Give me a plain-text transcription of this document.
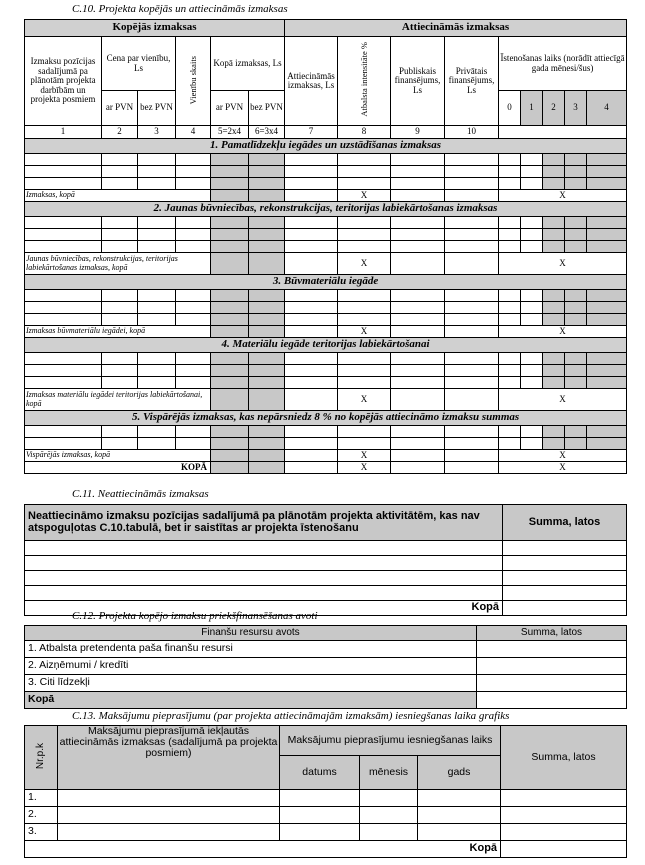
C.10. Projekta kopējās un attiecināmās izmaksas
Kopējās izmaksas						Attiecināmās izmaksas								
Izmaksu pozīcijas sadalījumā pa plānotām projekta darbībām un projekta posmiem	Cena par vienību, Ls		Vienību skaits	Kopā izmaksas, Ls		Attiecināmās izmaksas, Ls	Atbalsta intensitāte %	Publiskais finansējums, Ls	Privātais finansējums, Ls	Īstenošanas laiks (norādīt attiecīgā gada mēnesi/šus)				
	ar PVN	bez PVN		ar PVN	bez PVN					0	1	2	3	4
1	2	3	4	5=2x4	6=3x4	7	8	9	10					
1. Pamatlīdzekļu iegādes un uzstādīšanas izmaksas														

Izmaksas, kopā							X			X				
2. Jaunas būvniecības, rekonstrukcijas, teritorijas labiekārtošanas izmaksas														

Jaunas būvniecības, rekonstrukcijas, teritorijas labiekārtošanas izmaksas, kopā							X			X				
3. Būvmateriālu iegāde														

Izmaksas būvmateriālu iegādei, kopā							X			X				
4. Materiālu iegāde teritorijas labiekārtošanai														

Izmaksas materiālu iegādei teritorijas labiekārtošanai, kopā							X			X				
5. Vispārējās izmaksas, kas nepārsniedz 8 % no kopējās attiecināmo izmaksu summas														

Vispārējās izmaksas, kopā							X			X				
KOPĀ							X			X				
C.11. Neattiecināmās izmaksas
Neattiecināmo izmaksu pozīcijas sadalījumā pa plānotām projekta aktivitātēm, kas nav atspoguļotas C.10.tabulā, bet ir saistītas ar projekta īstenošanu	Summa, latos

Kopā	
C.12. Projekta kopējo izmaksu priekšfinansēšanas avoti
Finanšu resursu avots	Summa, latos
1. Atbalsta pretendenta paša finanšu resursi	
2. Aizņēmumi / kredīti	
3. Citi līdzekļi	
Kopā	
C.13. Maksājumu pieprasījumu (par projekta attiecināmajām izmaksām) iesniegšanas laika grafiks
Nr.p.k	Maksājumu pieprasījumā iekļautās attiecināmās izmaksas (sadalījumā pa projekta posmiem)	Maksājumu pieprasījumu iesniegšanas laiks			Summa, latos
		datums	mēnesis	gads	
1.					
2.					
3.					
Kopā					
